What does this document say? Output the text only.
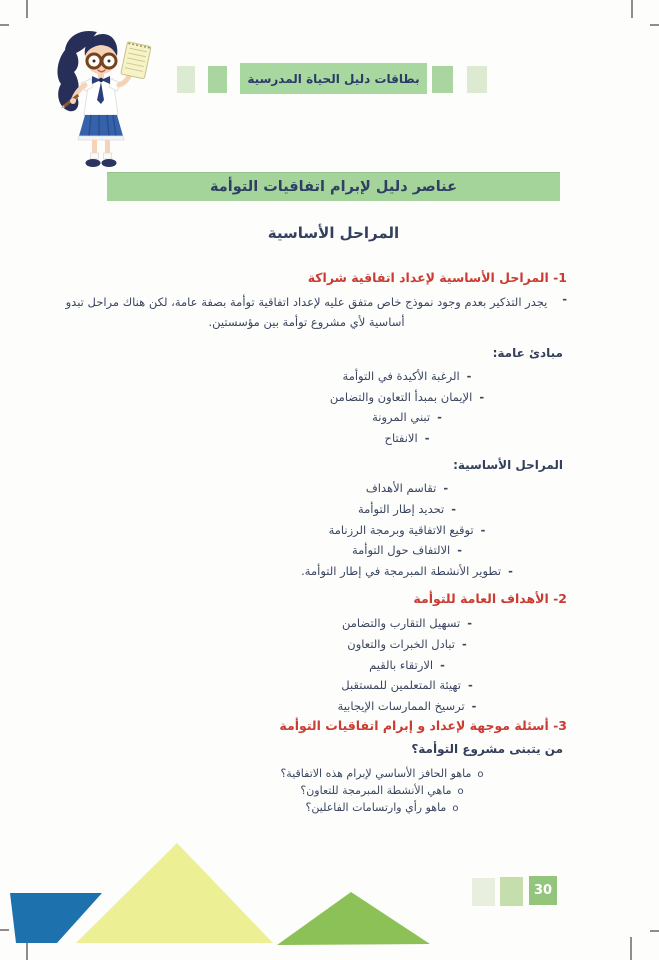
بطاقات دليل الحياة المدرسية
عناصر دليل لإبرام اتفاقيات التوأمة
المراحل الأساسية
1- المراحل الأساسية لإعداد اتفاقية شراكة
-

يجدر التذكير بعدم وجود نموذج خاص متفق عليه لإعداد اتفاقية توأمة بصفة عامة، لكن هناك مراحل تبدو أساسية لأي مشروع توأمة بين مؤسستين.

مبادئ عامة:
-الرغبة الأكيدة في التوأمة
-الإيمان بمبدأ التعاون والتضامن
-تبني المرونة
-الانفتاح
المراحل الأساسية:
-تقاسم الأهداف
-تحديد إطار التوأمة
-توقيع الاتفاقية وبرمجة الرزنامة
-الالتفاف حول التوأمة
-تطوير الأنشطة المبرمجة في إطار التوأمة.
2- الأهداف العامة للتوأمة
-تسهيل التقارب والتضامن
-تبادل الخبرات والتعاون
-الارتقاء بالقيم
-تهيئة المتعلمين للمستقبل
-ترسيخ الممارسات الإيجابية
3- أسئلة موجهة لإعداد و إبرام اتفاقيات التوأمة
من يتبنى مشروع التوأمة؟
oماهو الحافز الأساسي لإبرام هذه الاتفاقية؟
oماهي الأنشطة المبرمجة للتعاون؟
oماهو رأي وارتسامات الفاعلين؟
30
